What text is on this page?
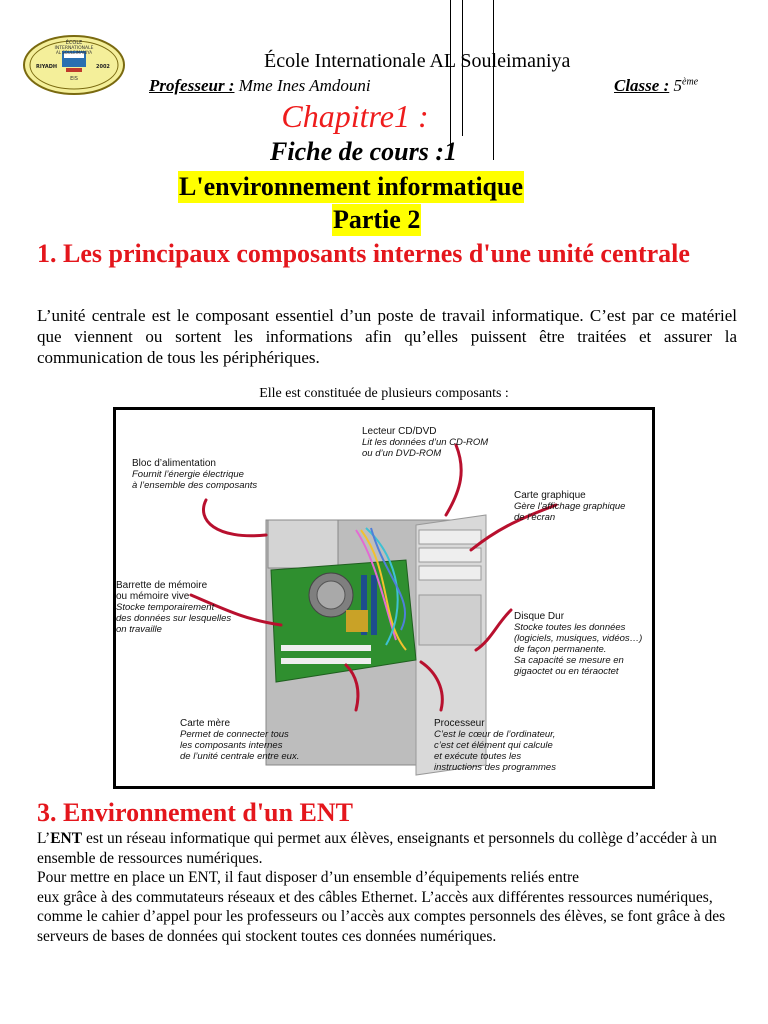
ÉCOLE
INTERNATIONALE
AL SOULEIMANIYA
RIYADH	2002
EIS
École Internationale AL Souleimaniya
Professeur : Mme Ines Amdouni	Classe : 5ème
Chapitre1 :
Fiche de cours :1
L'environnement informatique
Partie 2
1. Les principaux composants internes d'une unité centrale
L’unité centrale est le composant essentiel d’un poste de travail informatique. C’est par ce matériel que viennent ou sortent les informations afin qu’elles puissent être traitées et assurer la communication de tous les périphériques.
Elle est constituée de plusieurs composants :
Lecteur CD/DVD
Lit les données d’un CD-ROM
ou d’un DVD-ROM
Bloc d’alimentation
Fournit l’énergie électrique
à l’ensemble des composants
Carte graphique
Gère l’affichage graphique
de l’écran
Barrette de mémoire
ou mémoire vive
Stocke temporairement
des données sur lesquelles
on travaille
Disque Dur
Stocke toutes les données
(logiciels, musiques, vidéos…)
de façon permanente.
Sa capacité se mesure en
gigaoctet ou en téraoctet
Carte mère
Permet de connecter tous
les composants internes
de l’unité centrale entre eux.
Processeur
C’est le cœur de l’ordinateur,
c’est cet élément qui calcule
et exécute toutes les
instructions des programmes
3. Environnement d'un ENT
L’ENT est un réseau informatique qui permet aux élèves, enseignants et personnels du collège d’accéder à un ensemble de ressources numériques.
Pour mettre en place un ENT, il faut disposer d’un ensemble d’équipements reliés entre
eux grâce à des commutateurs réseaux et des câbles Ethernet. L’accès aux différentes ressources numériques, comme le cahier d’appel pour les professeurs ou l’accès aux comptes personnels des élèves, se font grâce à des serveurs de bases de données qui stockent toutes ces données numériques.
